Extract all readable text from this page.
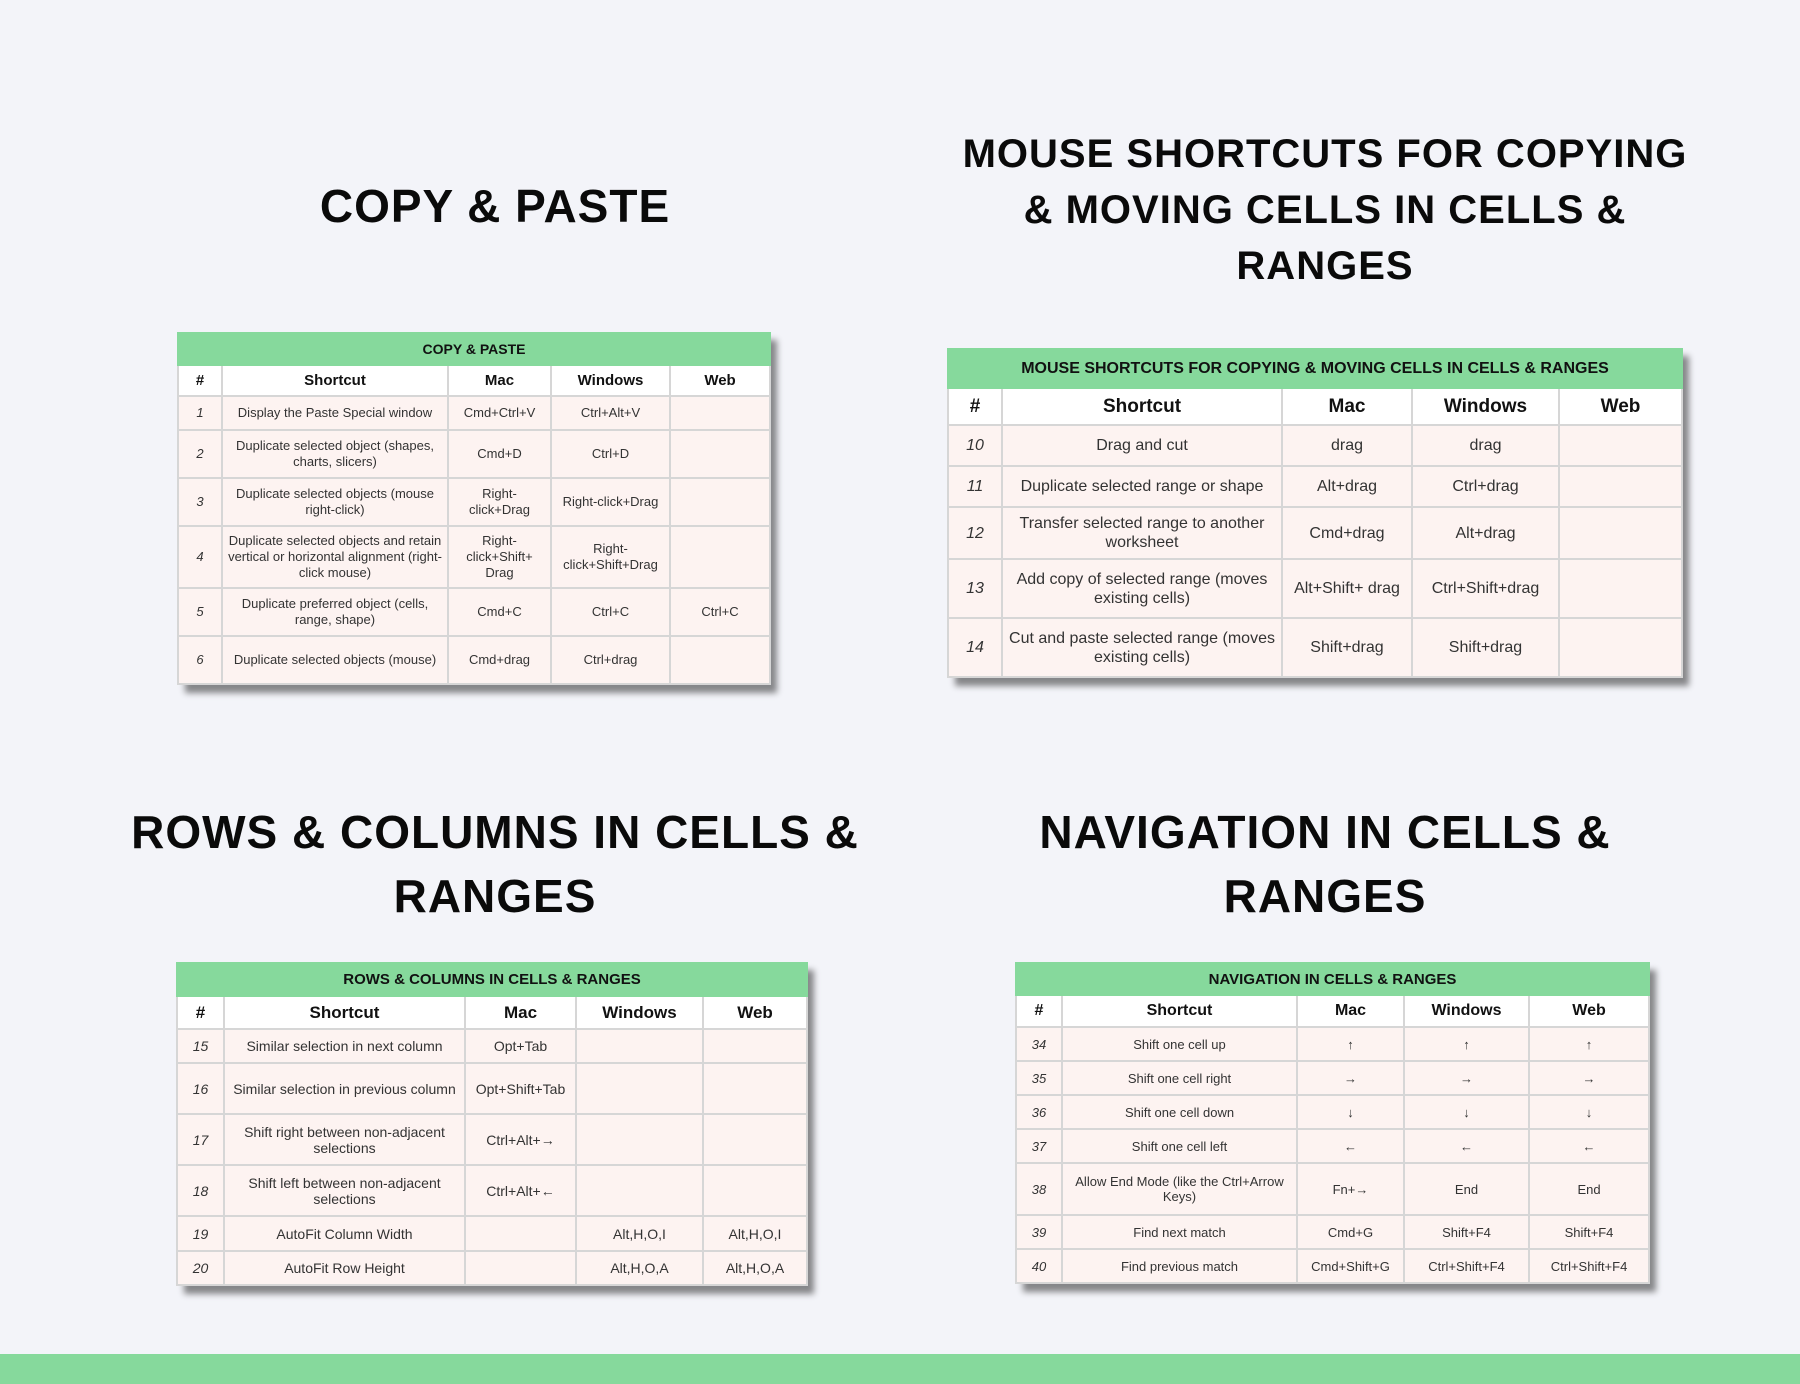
COPY & PASTE
MOUSE SHORTCUTS FOR COPYING & MOVING CELLS IN CELLS & RANGES
ROWS & COLUMNS IN CELLS & RANGES
NAVIGATION IN CELLS & RANGES
COPY & PASTE				
#	Shortcut	Mac	Windows	Web
1	Display the Paste Special window	Cmd+Ctrl+V	Ctrl+Alt+V	
2	Duplicate selected object (shapes, charts, slicers)	Cmd+D	Ctrl+D	
3	Duplicate selected objects (mouse right-click)	Right-click+Drag	Right-click+Drag	
4	Duplicate selected objects and retain vertical or horizontal alignment (right-click mouse)	Right-click+Shift+ Drag	Right-click+Shift+Drag	
5	Duplicate preferred object (cells, range, shape)	Cmd+C	Ctrl+C	Ctrl+C
6	Duplicate selected objects (mouse)	Cmd+drag	Ctrl+drag	
MOUSE SHORTCUTS FOR COPYING & MOVING CELLS IN CELLS & RANGES				
#	Shortcut	Mac	Windows	Web
10	Drag and cut	drag	drag	
11	Duplicate selected range or shape	Alt+drag	Ctrl+drag	
12	Transfer selected range to another worksheet	Cmd+drag	Alt+drag	
13	Add copy of selected range (moves existing cells)	Alt+Shift+ drag	Ctrl+Shift+drag	
14	Cut and paste selected range (moves existing cells)	Shift+drag	Shift+drag	
ROWS & COLUMNS IN CELLS & RANGES				
#	Shortcut	Mac	Windows	Web
15	Similar selection in next column	Opt+Tab		
16	Similar selection in previous column	Opt+Shift+Tab		
17	Shift right between non-adjacent selections	Ctrl+Alt+→		
18	Shift left between non-adjacent selections	Ctrl+Alt+←		
19	AutoFit Column Width		Alt,H,O,I	Alt,H,O,I
20	AutoFit Row Height		Alt,H,O,A	Alt,H,O,A
NAVIGATION IN CELLS & RANGES				
#	Shortcut	Mac	Windows	Web
34	Shift one cell up	↑	↑	↑
35	Shift one cell right	→	→	→
36	Shift one cell down	↓	↓	↓
37	Shift one cell left	←	←	←
38	Allow End Mode (like the Ctrl+Arrow Keys)	Fn+→	End	End
39	Find next match	Cmd+G	Shift+F4	Shift+F4
40	Find previous match	Cmd+Shift+G	Ctrl+Shift+F4	Ctrl+Shift+F4
